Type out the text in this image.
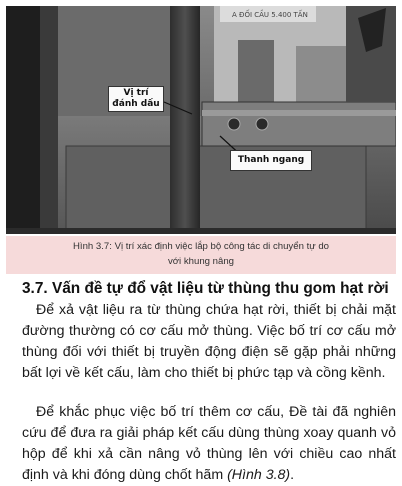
A ĐỐI CẦU 5.400 TẤN
Vị trí
đánh dấu
Thanh ngang
Hình 3.7: Vị trí xác định việc lắp bộ công tác di chuyển tự do
với khung nâng
3.7. Vấn đề tự đổ vật liệu từ thùng thu gom hạt rời

Để xả vật liệu ra từ thùng chứa hạt rời, thiết bị chải mặt đường thường có cơ cấu mở thùng. Việc bố trí cơ cấu mở thùng đối với thiết bị truyền động điện sẽ gặp phải những bất lợi về kết cấu, làm cho thiết bị phức tạp và cồng kềnh.

Để khắc phục việc bố trí thêm cơ cấu, Đề tài đã nghiên cứu để đưa ra giải pháp kết cấu dùng thùng xoay quanh vỏ hộp để khi xả cần nâng vỏ thùng lên với chiều cao nhất định và khi đóng dùng chốt hãm (Hình 3.8).
